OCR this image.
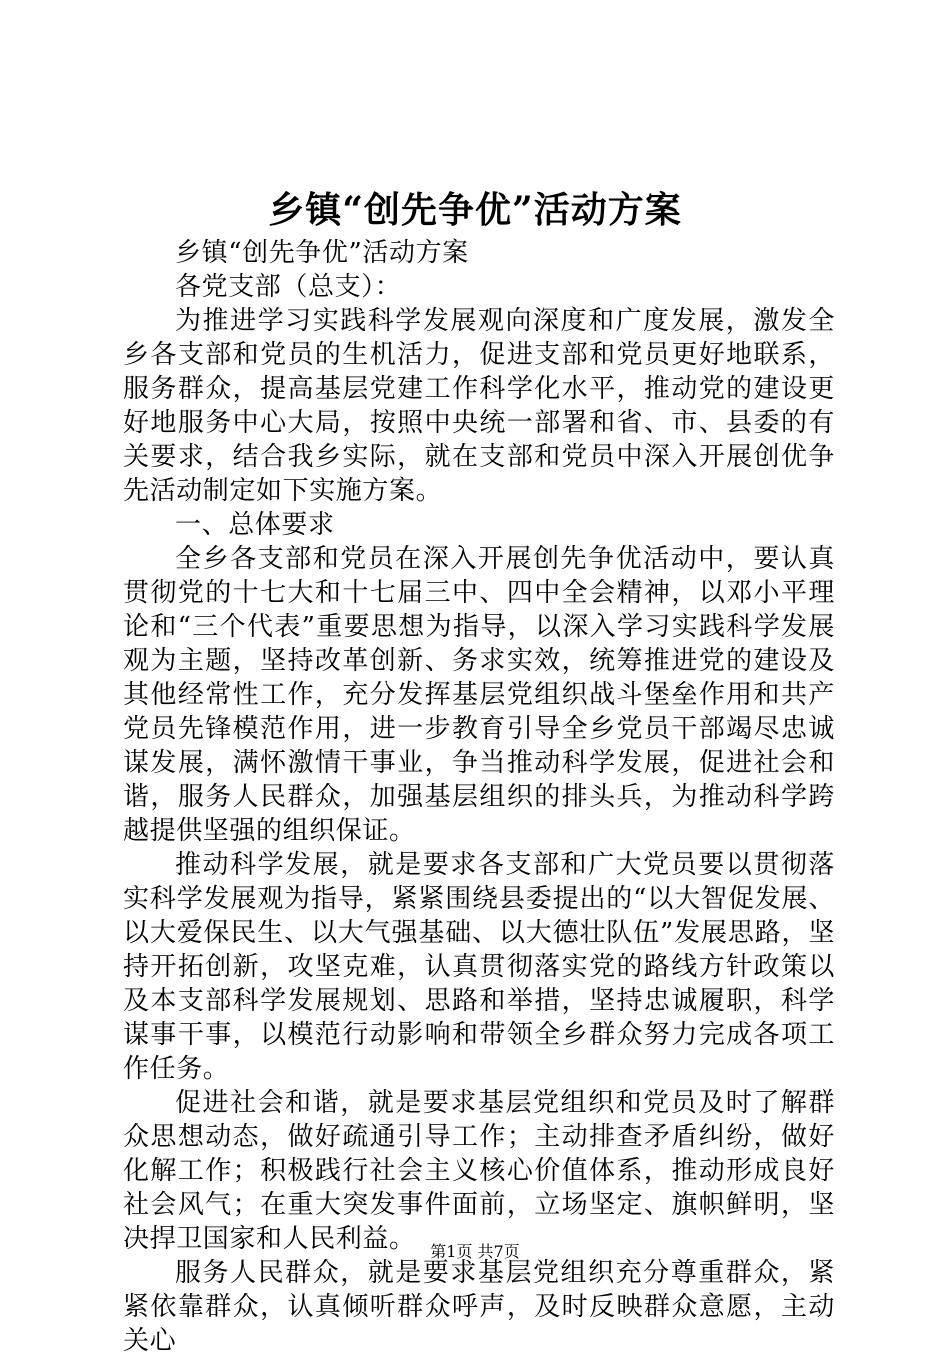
乡镇“创先争优”活动方案

乡镇“创先争优”活动方案

各党支部（总支）：

为推进学习实践科学发展观向深度和广度发展，激发全乡各支部和党员的生机活力，促进支部和党员更好地联系，服务群众，提高基层党建工作科学化水平，推动党的建设更好地服务中心大局，按照中央统一部署和省、市、县委的有关要求，结合我乡实际，就在支部和党员中深入开展创优争先活动制定如下实施方案。

一、总体要求

全乡各支部和党员在深入开展创先争优活动中，要认真贯彻党的十七大和十七届三中、四中全会精神，以邓小平理论和“三个代表”重要思想为指导，以深入学习实践科学发展观为主题，坚持改革创新、务求实效，统筹推进党的建设及其他经常性工作，充分发挥基层党组织战斗堡垒作用和共产党员先锋模范作用，进一步教育引导全乡党员干部竭尽忠诚谋发展，满怀激情干事业，争当推动科学发展，促进社会和谐，服务人民群众，加强基层组织的排头兵，为推动科学跨越提供坚强的组织保证。

推动科学发展，就是要求各支部和广大党员要以贯彻落实科学发展观为指导，紧紧围绕县委提出的“以大智促发展、以大爱保民生、以大气强基础、以大德壮队伍”发展思路，坚持开拓创新，攻坚克难，认真贯彻落实党的路线方针政策以及本支部科学发展规划、思路和举措，坚持忠诚履职，科学谋事干事，以模范行动影响和带领全乡群众努力完成各项工作任务。

促进社会和谐，就是要求基层党组织和党员及时了解群众思想动态，做好疏通引导工作；主动排查矛盾纠纷，做好化解工作；积极践行社会主义核心价值体系，推动形成良好社会风气；在重大突发事件面前，立场坚定、旗帜鲜明，坚决捍卫国家和人民利益。

服务人民群众，就是要求基层党组织充分尊重群众，紧紧依靠群众，认真倾听群众呼声，及时反映群众意愿，主动关心

第1页 共7页
